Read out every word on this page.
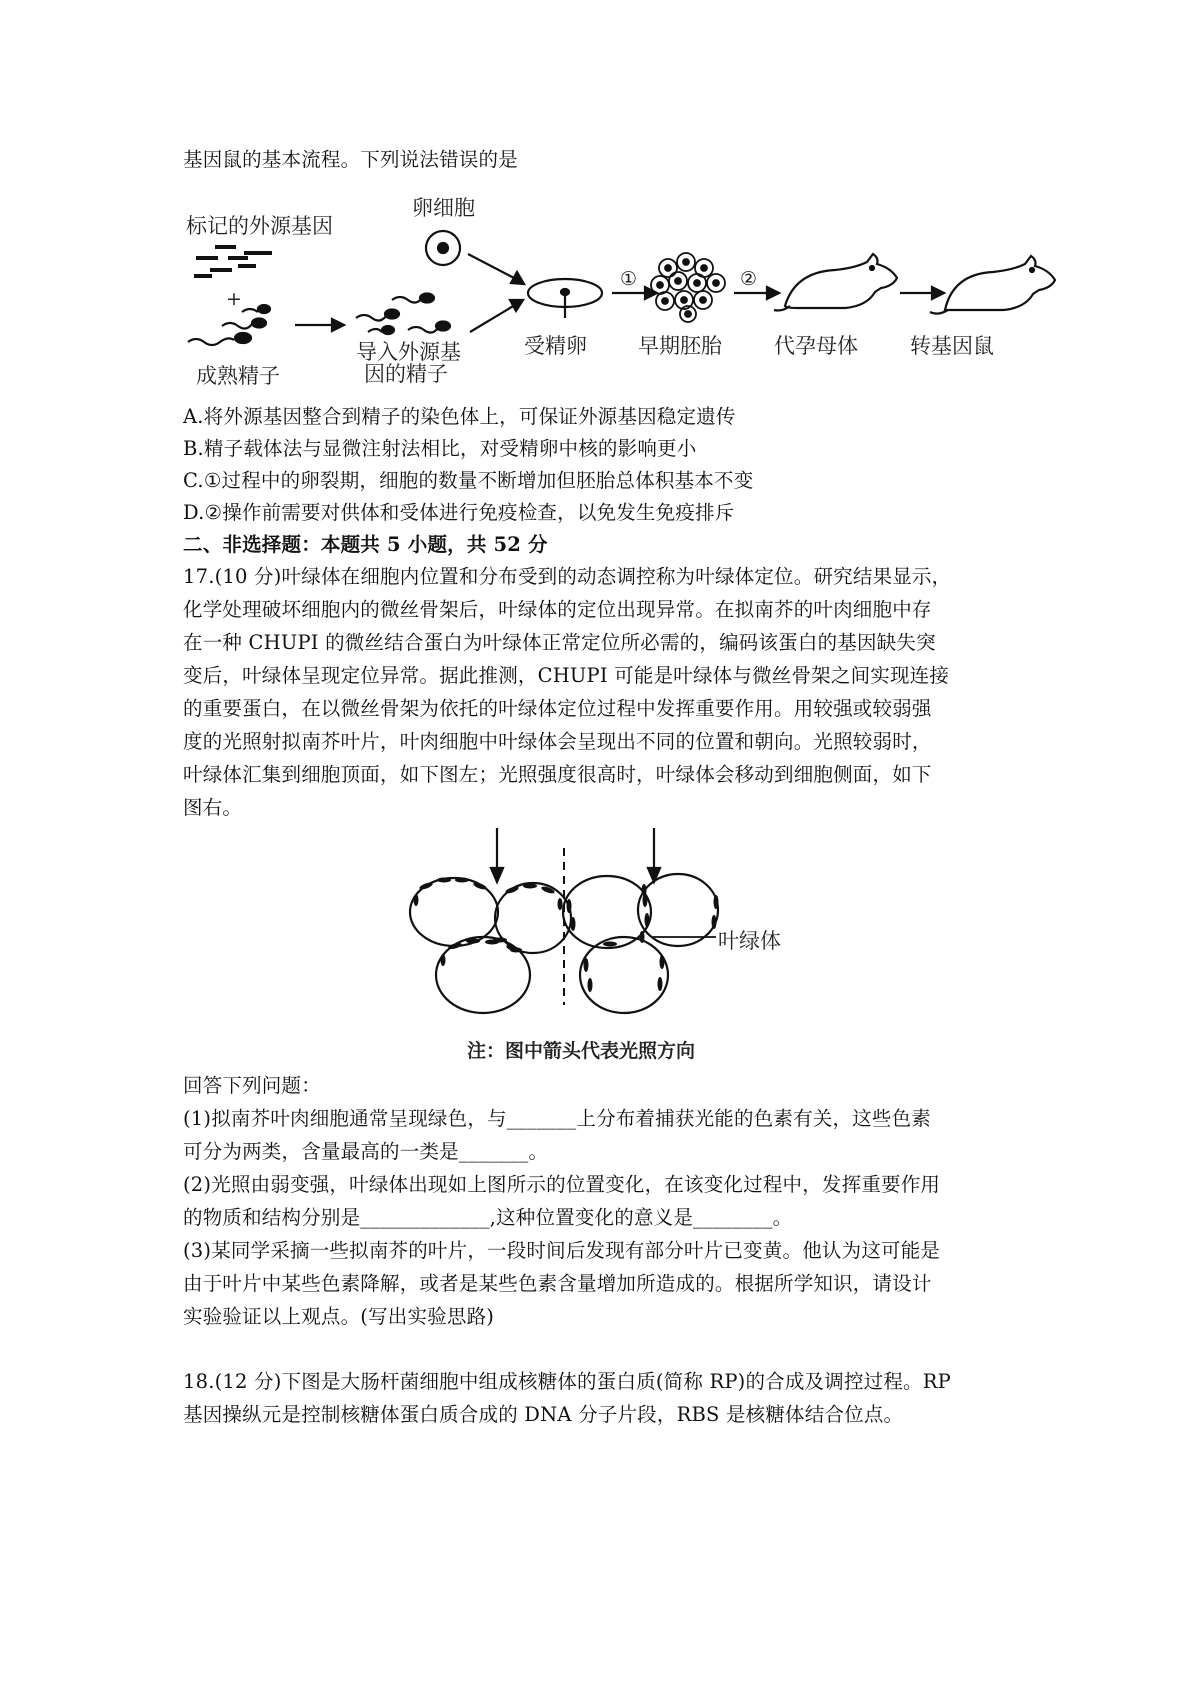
基因鼠的基本流程。下列说法错误的是
标记的外源基因
+
成熟精子
导入外源基
因的精子
卵细胞
受精卵 早期胚胎 代孕母体 转基因鼠
①	②
A.将外源基因整合到精子的染色体上，可保证外源基因稳定遗传
B.精子载体法与显微注射法相比，对受精卵中核的影响更小
C.①过程中的卵裂期，细胞的数量不断增加但胚胎总体积基本不变
D.②操作前需要对供体和受体进行免疫检查，以免发生免疫排斥
二、非选择题：本题共 5 小题，共 52 分
17.(10 分)叶绿体在细胞内位置和分布受到的动态调控称为叶绿体定位。研究结果显示，
化学处理破坏细胞内的微丝骨架后，叶绿体的定位出现异常。在拟南芥的叶肉细胞中存
在一种 CHUPI 的微丝结合蛋白为叶绿体正常定位所必需的，编码该蛋白的基因缺失突
变后，叶绿体呈现定位异常。据此推测，CHUPI 可能是叶绿体与微丝骨架之间实现连接
的重要蛋白，在以微丝骨架为依托的叶绿体定位过程中发挥重要作用。用较强或较弱强
度的光照射拟南芥叶片，叶肉细胞中叶绿体会呈现出不同的位置和朝向。光照较弱时，
叶绿体汇集到细胞顶面，如下图左；光照强度很高时，叶绿体会移动到细胞侧面，如下
图右。
叶绿体
注：图中箭头代表光照方向
回答下列问题：
(1)拟南芥叶肉细胞通常呈现绿色，与_______上分布着捕获光能的色素有关，这些色素
可分为两类，含量最高的一类是_______。
(2)光照由弱变强，叶绿体出现如上图所示的位置变化，在该变化过程中，发挥重要作用
的物质和结构分别是_____________,这种位置变化的意义是________。
(3)某同学采摘一些拟南芥的叶片，一段时间后发现有部分叶片已变黄。他认为这可能是
由于叶片中某些色素降解，或者是某些色素含量增加所造成的。根据所学知识，请设计
实验验证以上观点。(写出实验思路)
18.(12 分)下图是大肠杆菌细胞中组成核糖体的蛋白质(简称 RP)的合成及调控过程。RP
基因操纵元是控制核糖体蛋白质合成的 DNA 分子片段，RBS 是核糖体结合位点。
